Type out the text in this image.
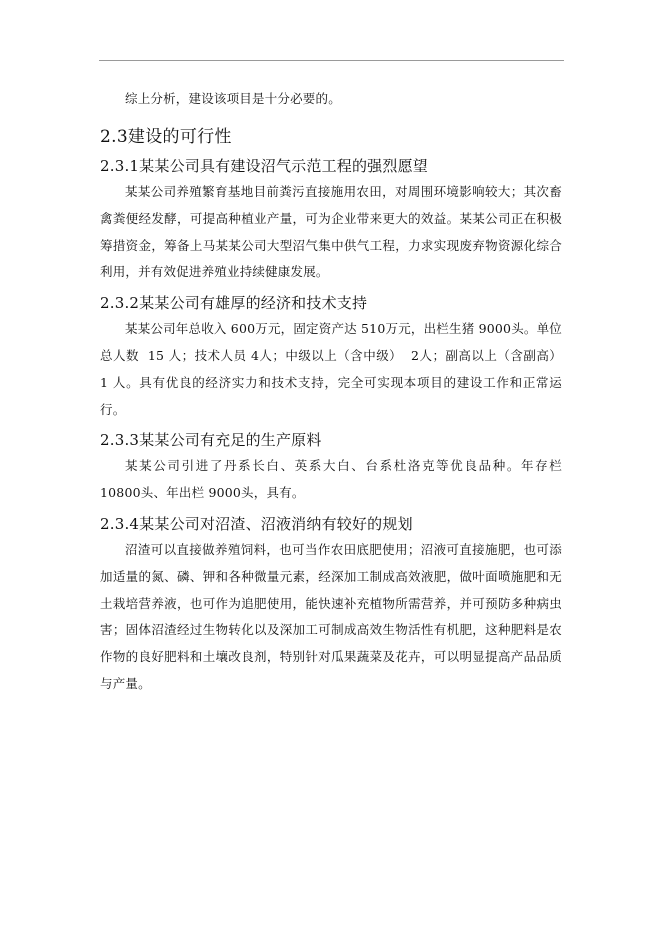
综上分析，建设该项目是十分必要的。

2.3建设的可行性
2.3.1某某公司具有建设沼气示范工程的强烈愿望

某某公司养殖繁育基地目前粪污直接施用农田，对周围环境影响较大；其次畜禽粪便经发酵，可提高种植业产量，可为企业带来更大的效益。某某公司正在积极筹措资金，筹备上马某某公司大型沼气集中供气工程，力求实现废弃物资源化综合利用，并有效促进养殖业持续健康发展。

2.3.2某某公司有雄厚的经济和技术支持

某某公司年总收入 600万元，固定资产达 510万元，出栏生猪 9000头。单位总人数  15 人；技术人员 4人；中级以上（含中级）  2人；副高以上（含副高） 1 人。具有优良的经济实力和技术支持，完全可实现本项目的建设工作和正常运行。

2.3.3某某公司有充足的生产原料

某某公司引进了丹系长白、英系大白、台系杜洛克等优良品种。年存栏 10800头、年出栏 9000头，具有。

2.3.4某某公司对沼渣、沼液消纳有较好的规划

沼渣可以直接做养殖饲料，也可当作农田底肥使用；沼液可直接施肥，也可添加适量的氮、磷、钾和各种微量元素，经深加工制成高效液肥，做叶面喷施肥和无土栽培营养液，也可作为追肥使用，能快速补充植物所需营养，并可预防多种病虫害；固体沼渣经过生物转化以及深加工可制成高效生物活性有机肥，这种肥料是农作物的良好肥料和土壤改良剂，特别针对瓜果蔬菜及花卉，可以明显提高产品品质与产量。
